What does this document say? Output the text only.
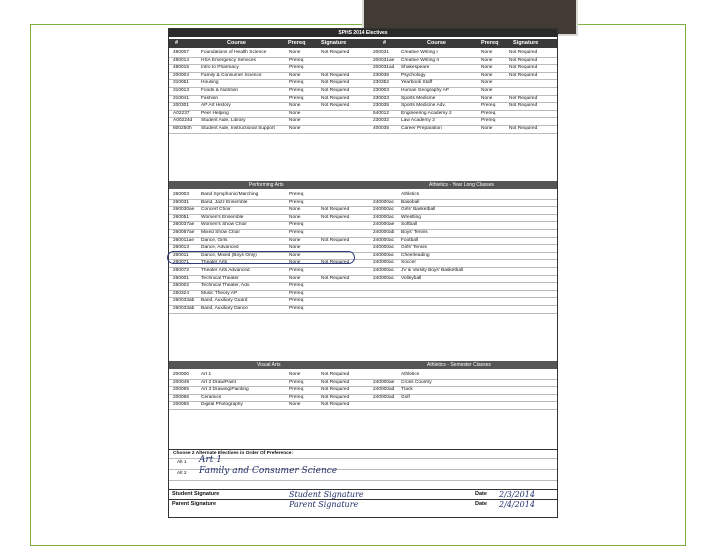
SPHS 2014 Electives
#	Course	Prereq	Signature	#	Course	Prereq	Signature
480007 Foundations of Health Science	None	Not Required
480014 HSA Emergency Services	Prereq
480015 Intro to Pharmacy	Prereq
200004 Family & Consumer Science	None	Not Required
310051 Housing	Prereq	Not Required
310013 Foods & Nutrition	Prereq	Not Required
310041 Fashion	Prereq	Not Required
200301 AP Art History	None	Not Required
A02237 Peer Helping	None
A00224d Student Aide, Library	None
800250h Student Aide, Instructional Support	None
200031 Creative Writing I	None	Not Required
200031ae Creative Writing II	None	Not Required
200031ad Shakespeare	None	Not Required
230036 Psychology	None	Not Required
230352 Yearbook Staff	None
230003 Human Geography AP	None
230033 Sports Medicine	None	Not Required
230035 Sports Medicine Adv.	Prereq	Not Required
540012 Engineering Academy 2	Prereq
230032 Law Academy 2	Prereq
400035 Career Preparation	None	Not Required
260003 Band Symphonic/Marching	Prereq
260031 Band, Jazz Ensemble	Prereq
260030ae Concert Choir	None	Not Required
260051 Women's Ensemble	None	Not Required
260037ae Women's Show Choir	Prereq
260057ae Mixed Show Choir	Prereq
260011ae Dance, Girls	None	Not Required
260013 Dance, Advanced	None
260011	Dance, Mixed (Boys Only)	None
260071 Theater Arts	None	Not Required
260072 Theater Arts Advanced	Prereq
260001 Technical Theater	None	Not Required
260002 Technical Theater, Adv.	Prereq
250324 Music Theory AP	Prereq
260033ab Band, Auxiliary Guard	Prereq
260033ab Band, Auxiliary Dance	Prereq
Athletics
240000ac Baseball
240000ac Girls' Basketball
240000ac Wrestling
240000ae Softball
240000ab Boys' Tennis
240000ac Football
240000ac Girls' Tennis
240000ac Cheerleading
240000ac Soccer
240000ac JV & Varsity Boys' Basketball
240000ac Volleyball
200000 Art 1	None	Not Required
200049 Art 2 Draw/Paint	Prereq	Not Required
200065 Art 3 Drawing/Painting	Prereq	Not Required
200066 Ceramics	Prereq	Not Required
200065 Digital Photography	None	Not Required
Athletics
240000ae Cross Country
240000ad Track
240000ad Golf
Performing Arts	Athletics - Year Long Classes
Visual Arts	Athletics - Semester Classes
Choose 2 Alternate Electives in Order Of Preference:
Alt 1 Art 1
Alt 2 Family and Consumer Science
Student Signature	Student Signature	Date 2/3/2014
Parent Signature	Parent Signature	Date 2/4/2014
